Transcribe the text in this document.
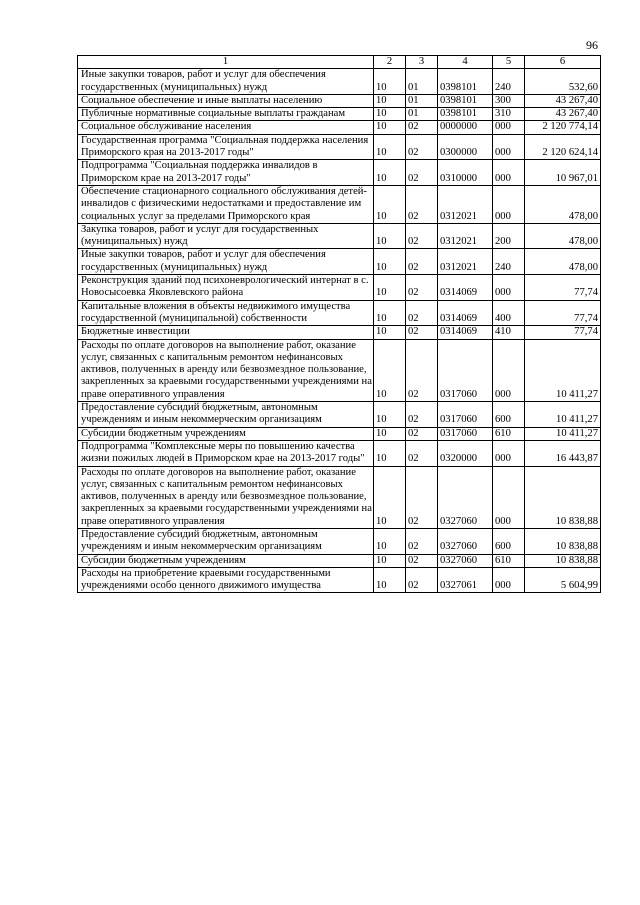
96
1	2	3	4	5	6
Иные закупки товаров, работ и услуг для обеспечения государственных (муниципальных) нужд	10	01	0398101	240	532,60
Социальное обеспечение и иные выплаты населению	10	01	0398101	300	43 267,40
Публичные нормативные социальные выплаты гражданам	10	01	0398101	310	43 267,40
Социальное обслуживание населения	10	02	0000000	000	2 120 774,14
Государственная программа "Социальная поддержка населения Приморского края на 2013-2017 годы"	10	02	0300000	000	2 120 624,14
Подпрограмма "Социальная поддержка инвалидов в Приморском крае на 2013-2017 годы"	10	02	0310000	000	10 967,01
Обеспечение стационарного социального обслуживания детей-инвалидов с физическими недостатками и предоставление им социальных услуг за пределами Приморского края	10	02	0312021	000	478,00
Закупка товаров, работ и услуг для государственных (муниципальных) нужд	10	02	0312021	200	478,00
Иные закупки товаров, работ и услуг для обеспечения государственных (муниципальных) нужд	10	02	0312021	240	478,00
Реконструкция зданий под психоневрологический интернат в с. Новосысоевка Яковлевского района	10	02	0314069	000	77,74
Капитальные вложения в объекты недвижимого имущества государственной (муниципальной) собственности	10	02	0314069	400	77,74
Бюджетные инвестиции	10	02	0314069	410	77,74
Расходы по оплате договоров на выполнение работ, оказание услуг, связанных с капитальным ремонтом нефинансовых активов, полученных в аренду или безвозмездное пользование, закрепленных за краевыми государственными учреждениями на праве оперативного управления	10	02	0317060	000	10 411,27
Предоставление субсидий бюджетным, автономным учреждениям и иным некоммерческим организациям	10	02	0317060	600	10 411,27
Субсидии бюджетным учреждениям	10	02	0317060	610	10 411,27
Подпрограмма "Комплексные меры по повышению качества жизни пожилых людей в Приморском крае на 2013-2017 годы"	10	02	0320000	000	16 443,87
Расходы по оплате договоров на выполнение работ, оказание услуг, связанных с капитальным ремонтом нефинансовых активов, полученных в аренду или безвозмездное пользование, закрепленных за краевыми государственными учреждениями на праве оперативного управления	10	02	0327060	000	10 838,88
Предоставление субсидий бюджетным, автономным учреждениям и иным некоммерческим организациям	10	02	0327060	600	10 838,88
Субсидии бюджетным учреждениям	10	02	0327060	610	10 838,88
Расходы на приобретение краевыми государственными учреждениями особо ценного движимого имущества	10	02	0327061	000	5 604,99
